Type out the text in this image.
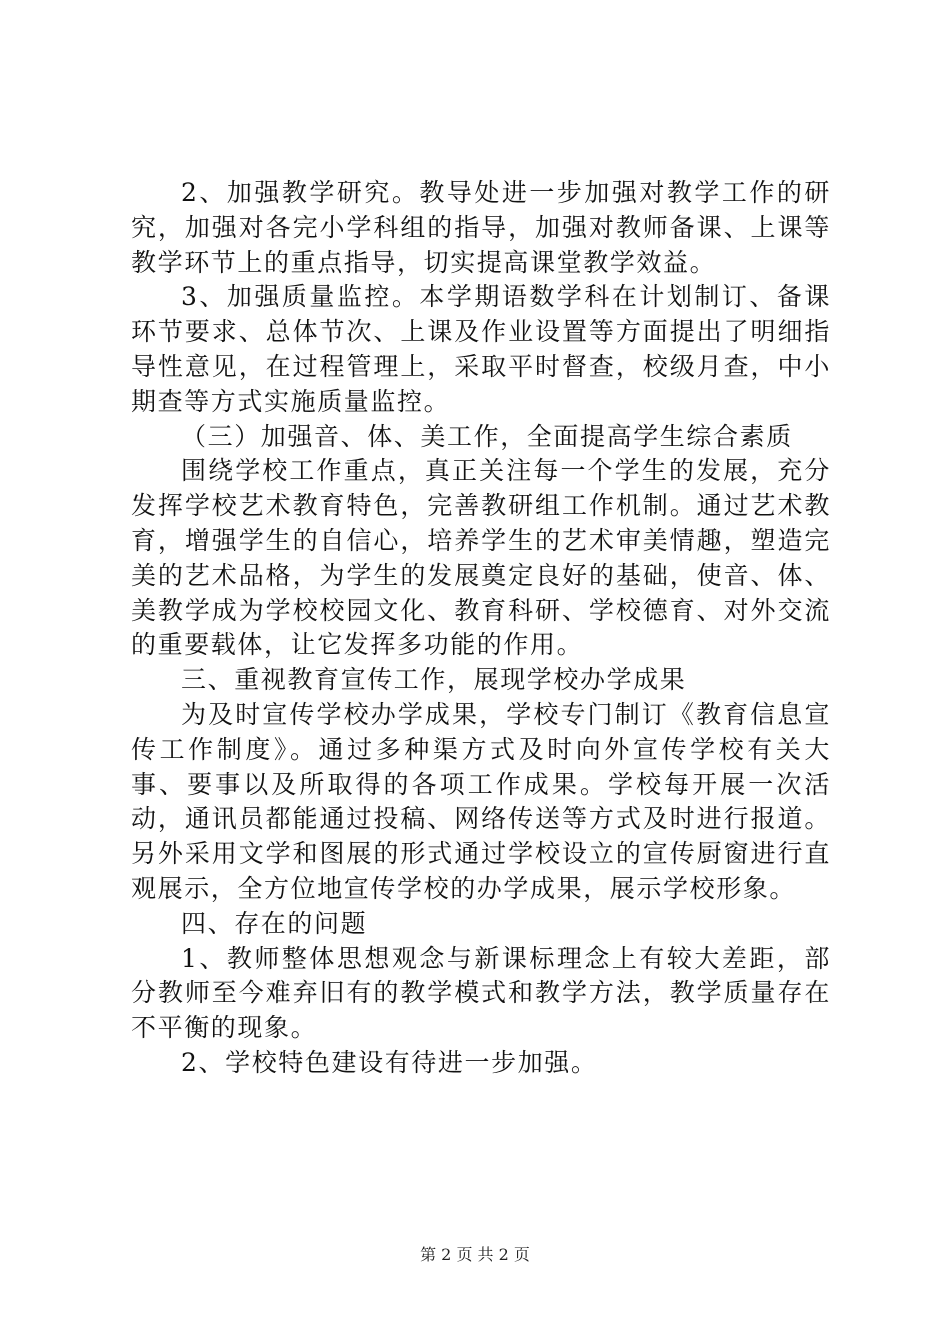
2、加强教学研究。教导处进一步加强对教学工作的研究，加强对各完小学科组的指导，加强对教师备课、上课等教学环节上的重点指导，切实提高课堂教学效益。

3、加强质量监控。本学期语数学科在计划制订、备课环节要求、总体节次、上课及作业设置等方面提出了明细指导性意见，在过程管理上，采取平时督查，校级月查，中小期查等方式实施质量监控。

（三）加强音、体、美工作，全面提高学生综合素质

围绕学校工作重点，真正关注每一个学生的发展，充分发挥学校艺术教育特色，完善教研组工作机制。通过艺术教育，增强学生的自信心，培养学生的艺术审美情趣，塑造完美的艺术品格，为学生的发展奠定良好的基础，使音、体、美教学成为学校校园文化、教育科研、学校德育、对外交流的重要载体，让它发挥多功能的作用。

三、重视教育宣传工作，展现学校办学成果

为及时宣传学校办学成果，学校专门制订《教育信息宣传工作制度》。通过多种渠方式及时向外宣传学校有关大事、要事以及所取得的各项工作成果。学校每开展一次活动，通讯员都能通过投稿、网络传送等方式及时进行报道。另外采用文学和图展的形式通过学校设立的宣传厨窗进行直观展示，全方位地宣传学校的办学成果，展示学校形象。

四、存在的问题

1、教师整体思想观念与新课标理念上有较大差距，部分教师至今难弃旧有的教学模式和教学方法，教学质量存在不平衡的现象。

2、学校特色建设有待进一步加强。

第 2 页 共 2 页
